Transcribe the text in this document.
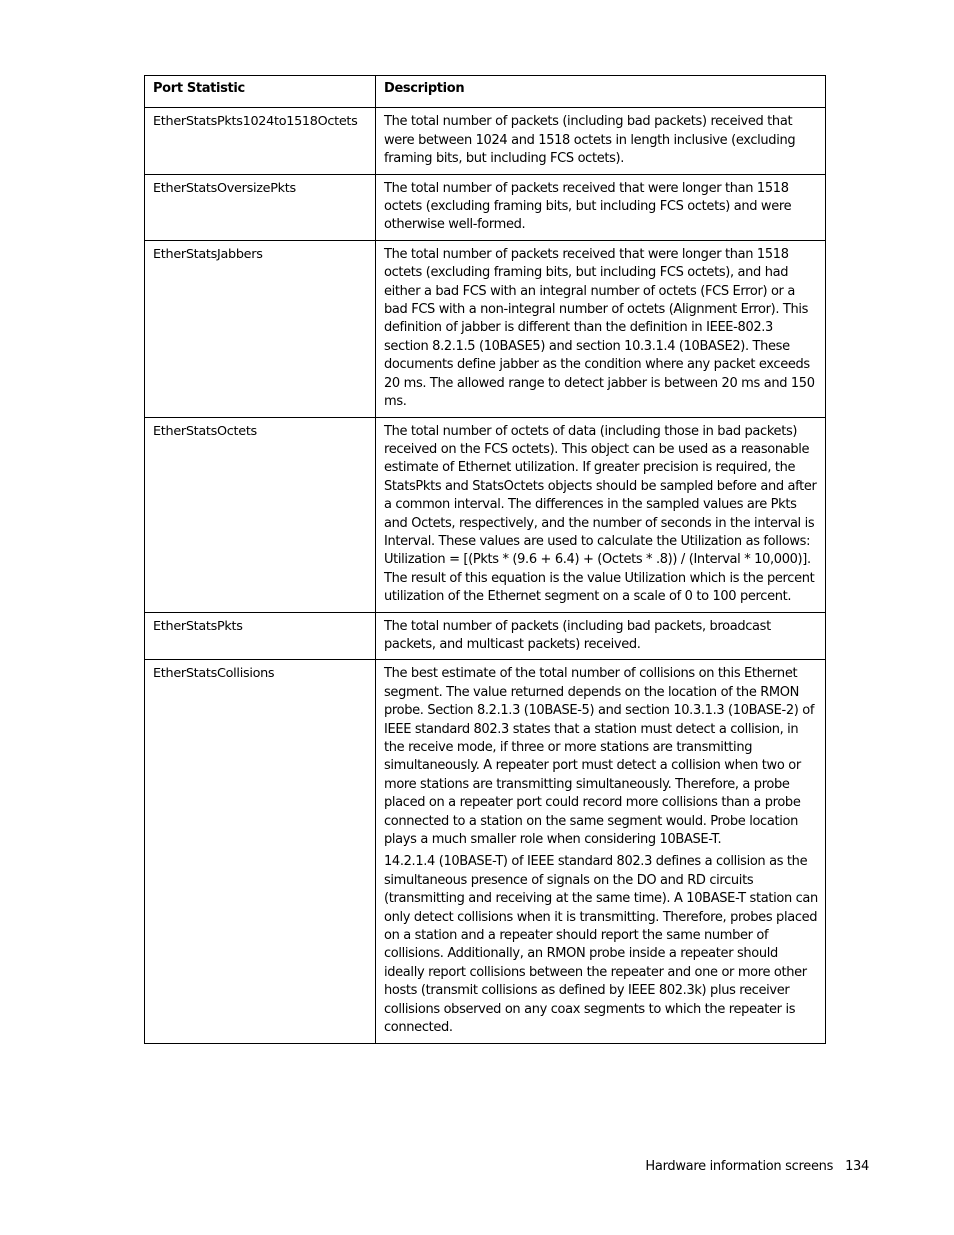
Port Statistic	Description
EtherStatsPkts1024to1518Octets	The total number of packets (including bad packets) received that were between 1024 and 1518 octets in length inclusive (excluding framing bits, but including FCS octets).

EtherStatsOversizePkts	The total number of packets received that were longer than 1518 octets (excluding framing bits, but including FCS octets) and were otherwise well-formed.

EtherStatsJabbers	The total number of packets received that were longer than 1518 octets (excluding framing bits, but including FCS octets), and had either a bad FCS with an integral number of octets (FCS Error) or a bad FCS with a non-integral number of octets (Alignment Error). This definition of jabber is different than the definition in IEEE-802.3 section 8.2.1.5 (10BASE5) and section 10.3.1.4 (10BASE2). These documents define jabber as the condition where any packet exceeds 20 ms. The allowed range to detect jabber is between 20 ms and 150 ms.

EtherStatsOctets	The total number of octets of data (including those in bad packets) received on the FCS octets). This object can be used as a reasonable estimate of Ethernet utilization. If greater precision is required, the StatsPkts and StatsOctets objects should be sampled before and after a common interval. The differences in the sampled values are Pkts and Octets, respectively, and the number of seconds in the interval is Interval. These values are used to calculate the Utilization as follows: Utilization = [(Pkts * (9.6 + 6.4) + (Octets * .8)) / (Interval * 10,000)]. The result of this equation is the value Utilization which is the percent utilization of the Ethernet segment on a scale of 0 to 100 percent.

EtherStatsPkts	The total number of packets (including bad packets, broadcast packets, and multicast packets) received.

EtherStatsCollisions	The best estimate of the total number of collisions on this Ethernet segment. The value returned depends on the location of the RMON probe. Section 8.2.1.3 (10BASE-5) and section 10.3.1.3 (10BASE-2) of IEEE standard 802.3 states that a station must detect a collision, in the receive mode, if three or more stations are transmitting simultaneously. A repeater port must detect a collision when two or more stations are transmitting simultaneously. Therefore, a probe placed on a repeater port could record more collisions than a probe connected to a station on the same segment would. Probe location plays a much smaller role when considering 10BASE-T.
14.2.1.4 (10BASE-T) of IEEE standard 802.3 defines a collision as the simultaneous presence of signals on the DO and RD circuits (transmitting and receiving at the same time). A 10BASE-T station can only detect collisions when it is transmitting. Therefore, probes placed on a station and a repeater should report the same number of collisions. Additionally, an RMON probe inside a repeater should ideally report collisions between the repeater and one or more other hosts (transmit collisions as defined by IEEE 802.3k) plus receiver collisions observed on any coax segments to which the repeater is connected.
Hardware information screens 134
